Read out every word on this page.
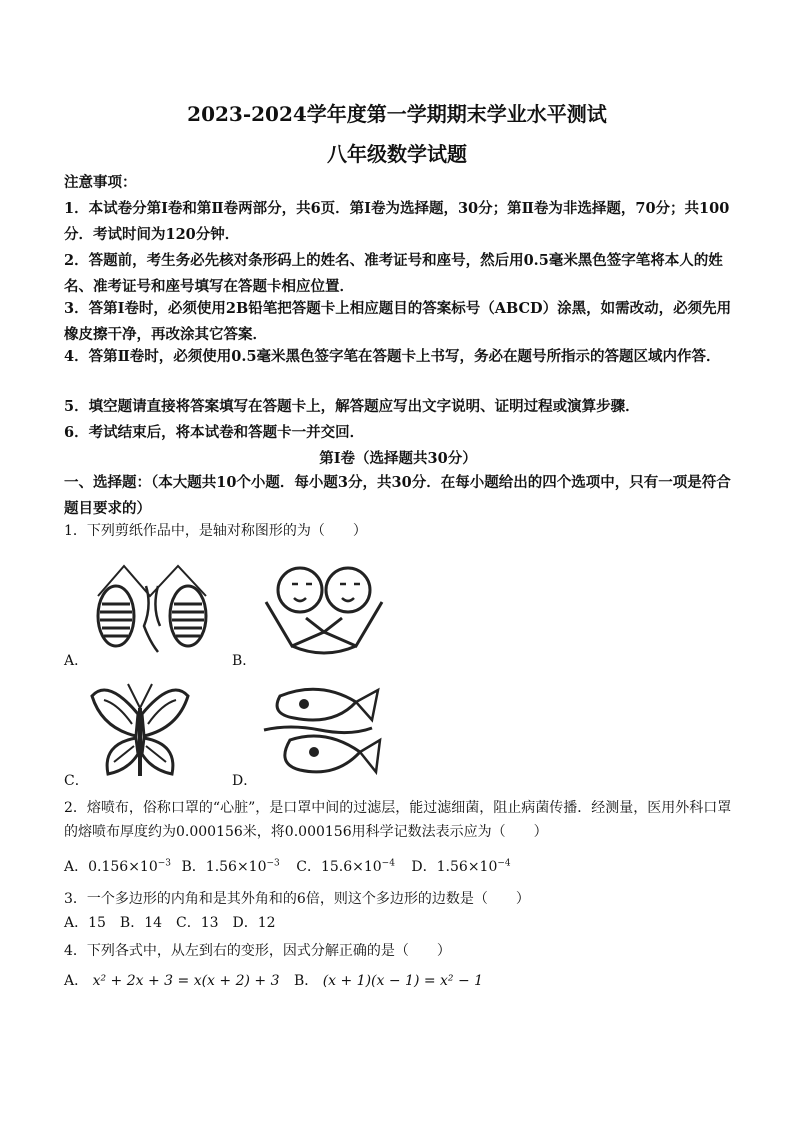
2023-2024学年度第一学期期末学业水平测试
八年级数学试题
注意事项：
1．本试卷分第Ⅰ卷和第Ⅱ卷两部分，共6页．第Ⅰ卷为选择题，30分；第Ⅱ卷为非选择题，70分；共100分．考试时间为120分钟．
2．答题前，考生务必先核对条形码上的姓名、准考证号和座号，然后用0.5毫米黑色签字笔将本人的姓名、准考证号和座号填写在答题卡相应位置．
3．答第Ⅰ卷时，必须使用2B铅笔把答题卡上相应题目的答案标号（ABCD）涂黑，如需改动，必须先用橡皮擦干净，再改涂其它答案．
4．答第Ⅱ卷时，必须使用0.5毫米黑色签字笔在答题卡上书写，务必在题号所指示的答题区域内作答．
5．填空题请直接将答案填写在答题卡上，解答题应写出文字说明、证明过程或演算步骤．
6．考试结束后，将本试卷和答题卡一并交回．
第Ⅰ卷（选择题共30分）
一、选择题：（本大题共10个小题．每小题3分，共30分．在每小题给出的四个选项中，只有一项是符合题目要求的）
1．下列剪纸作品中，是轴对称图形的为（　　）
A．	B．
C．	D．
2．熔喷布，俗称口罩的“心脏”，是口罩中间的过滤层，能过滤细菌，阻止病菌传播．经测量，医用外科口罩的熔喷布厚度约为0.000156米，将0.000156用科学记数法表示应为（　　）
A．$0.156\times 10^{-3}$ B．$1.56\times 10^{-3}$ C．$15.6\times 10^{-4}$ D．$1.56\times 10^{-4}$
3．一个多边形的内角和是其外角和的6倍，则这个多边形的边数是（　　）
A．15　B．14　C．13　D．12
4．下列各式中，从左到右的变形，因式分解正确的是（　　）
A． x² + 2x + 3 = x(x + 2) + 3 B． (x + 1)(x − 1) = x² − 1
